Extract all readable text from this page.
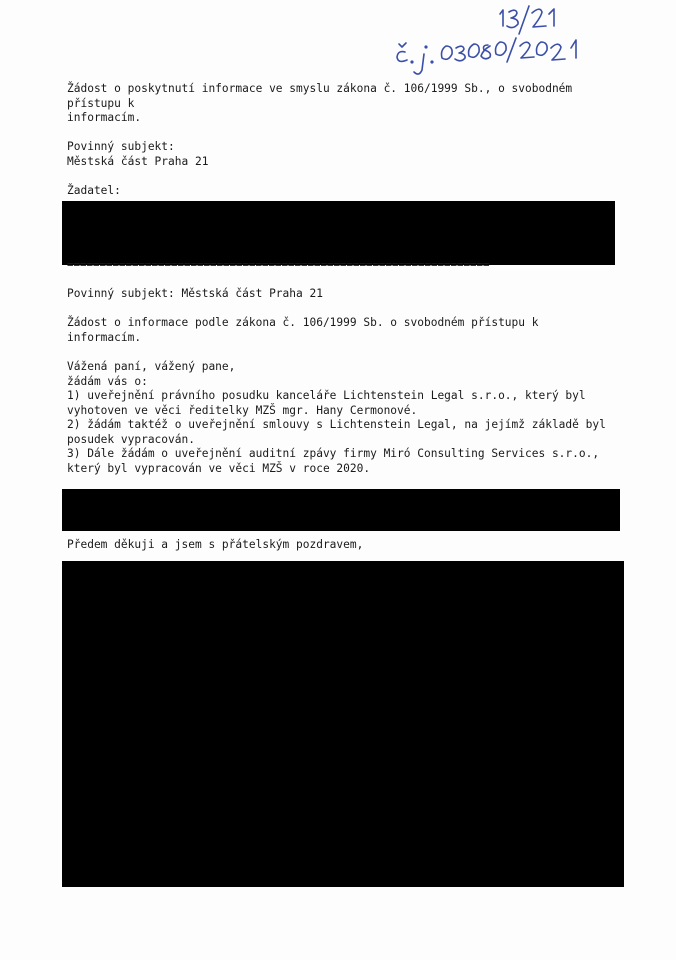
Žádost o poskytnutí informace ve smyslu zákona č. 106/1999 Sb., o svobodném
přístupu k
informacím.
Povinný subjekt:
Městská část Praha 21
Žadatel:
=================================================================
Povinný subjekt: Městská část Praha 21
Žádost o informace podle zákona č. 106/1999 Sb. o svobodném přístupu k
informacím.
Vážená paní, vážený pane,
žádám vás o:
1) uveřejnění právního posudku kanceláře Lichtenstein Legal s.r.o., který byl
vyhotoven ve věci ředitelky MZŠ mgr. Hany Cermonové.
2) žádám taktéž o uveřejnění smlouvy s Lichtenstein Legal, na jejímž základě byl
posudek vypracován.
3) Dále žádám o uveřejnění auditní zpávy firmy Miró Consulting Services s.r.o.,
který byl vypracován ve věci MZŠ v roce 2020.
Předem děkuji a jsem s přátelským pozdravem,
